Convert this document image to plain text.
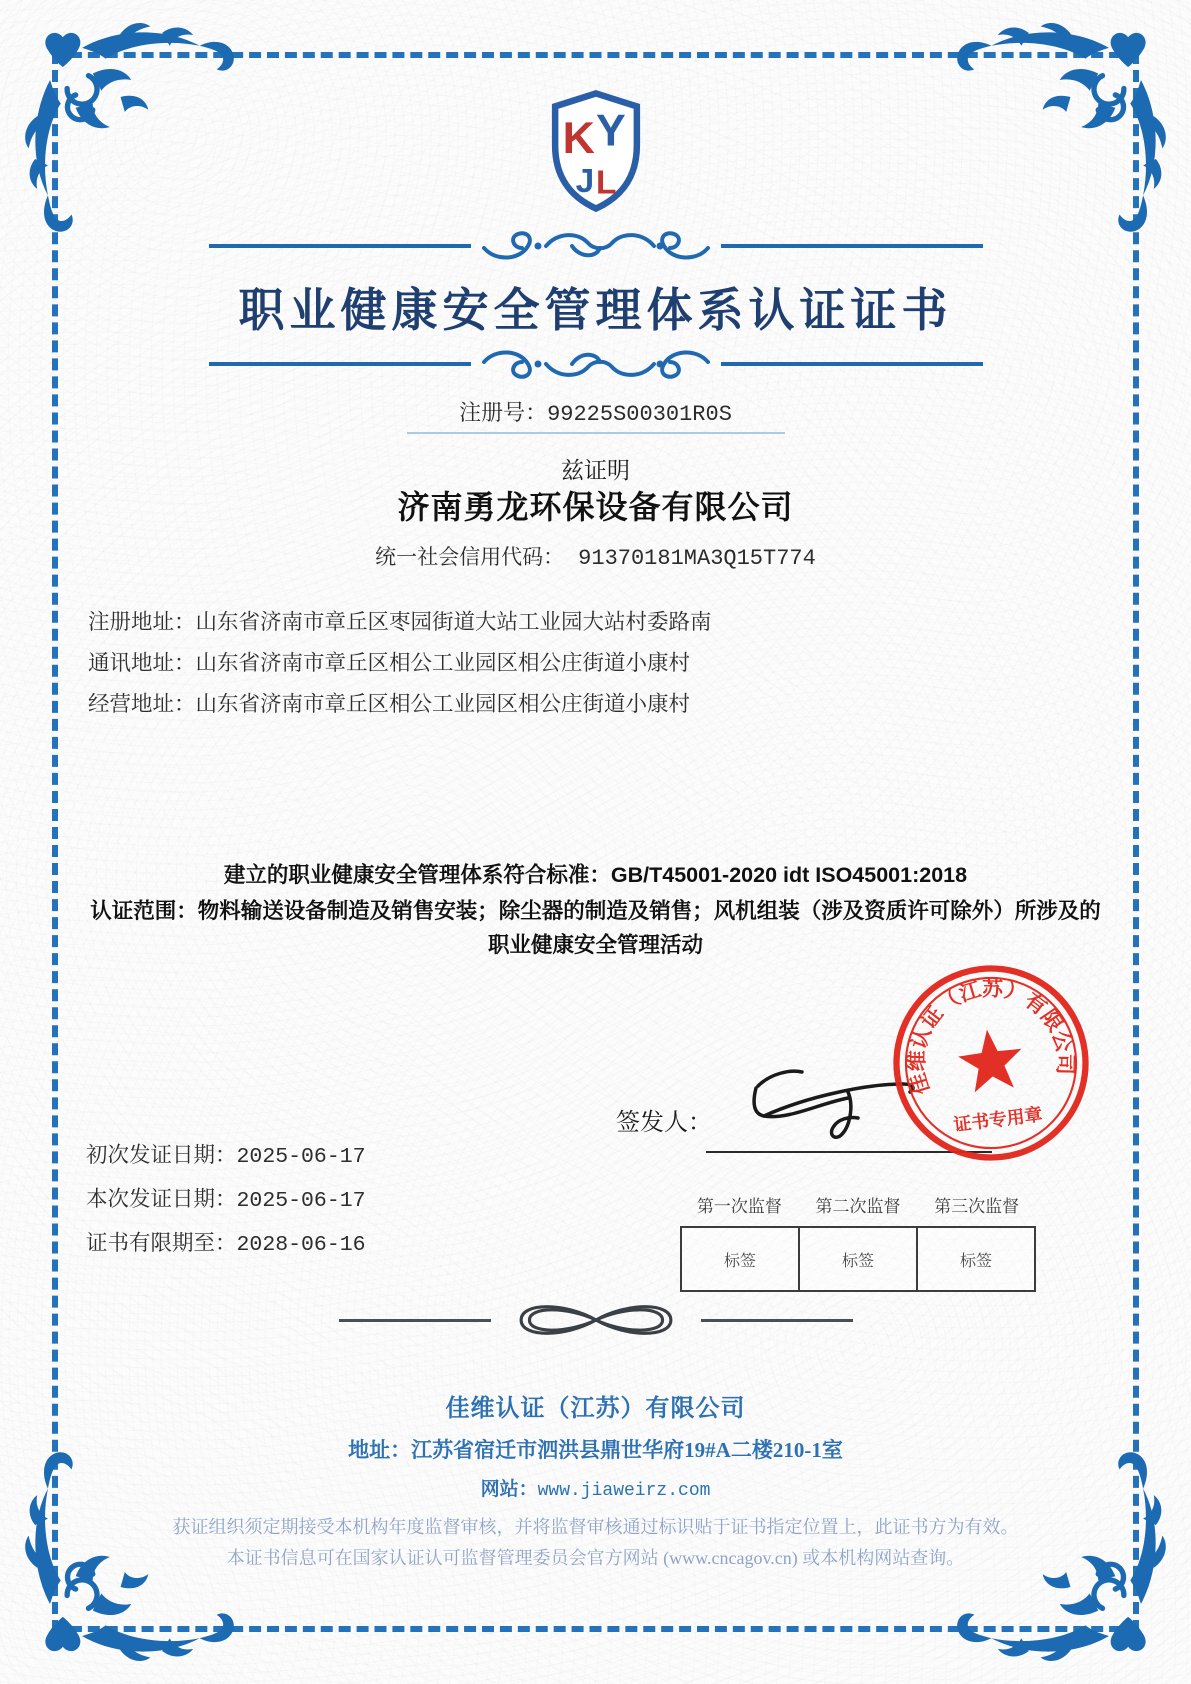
K Y
J L
职业健康安全管理体系认证证书
注册号：99225S00301R0S
兹证明
济南勇龙环保设备有限公司
统一社会信用代码： 91370181MA3Q15T774
注册地址：山东省济南市章丘区枣园街道大站工业园大站村委路南
通讯地址：山东省济南市章丘区相公工业园区相公庄街道小康村
经营地址：山东省济南市章丘区相公工业园区相公庄街道小康村
建立的职业健康安全管理体系符合标准：GB/T45001-2020 idt ISO45001:2018
认证范围：物料输送设备制造及销售安装；除尘器的制造及销售；风机组装（涉及资质许可除外）所涉及的职业健康安全管理活动
佳维认证（江苏）有限公司
证书专用章
签发人：
初次发证日期：2025-06-17
本次发证日期：2025-06-17
证书有限期至：2028-06-16
第一次监督	第二次监督	第三次监督
标签	标签	标签
佳维认证（江苏）有限公司
地址：江苏省宿迁市泗洪县鼎世华府19#A二楼210-1室
网站：www.jiaweirz.com
获证组织须定期接受本机构年度监督审核，并将监督审核通过标识贴于证书指定位置上，此证书方为有效。
本证书信息可在国家认证认可监督管理委员会官方网站 (www.cncagov.cn) 或本机构网站查询。
